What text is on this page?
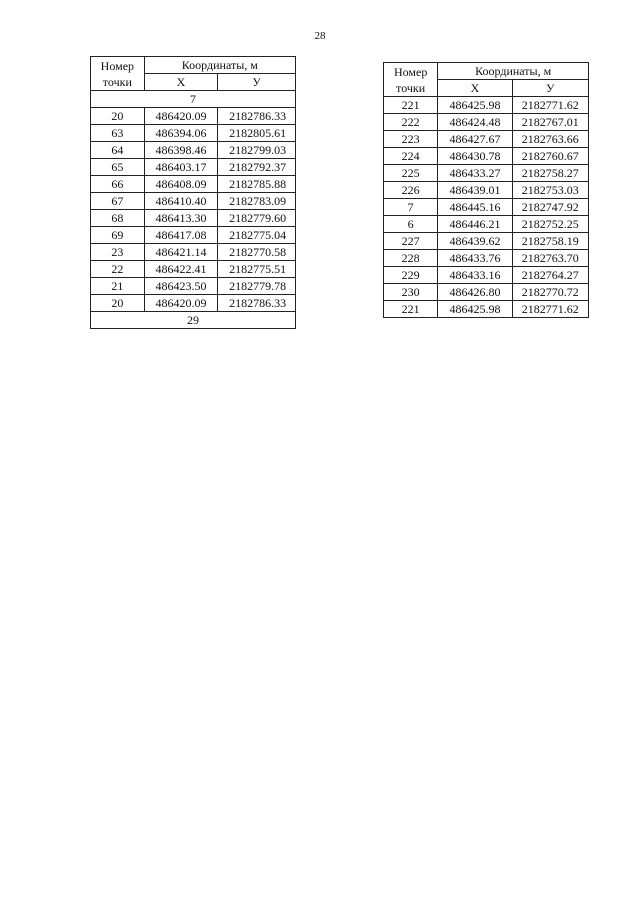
28
Номер
точки	Координаты, м	
	X	У
7		
20	486420.09	2182786.33
63	486394.06	2182805.61
64	486398.46	2182799.03
65	486403.17	2182792.37
66	486408.09	2182785.88
67	486410.40	2182783.09
68	486413.30	2182779.60
69	486417.08	2182775.04
23	486421.14	2182770.58
22	486422.41	2182775.51
21	486423.50	2182779.78
20	486420.09	2182786.33
29		
Номер
точки	Координаты, м	
	X	У
221	486425.98	2182771.62
222	486424.48	2182767.01
223	486427.67	2182763.66
224	486430.78	2182760.67
225	486433.27	2182758.27
226	486439.01	2182753.03
7	486445.16	2182747.92
6	486446.21	2182752.25
227	486439.62	2182758.19
228	486433.76	2182763.70
229	486433.16	2182764.27
230	486426.80	2182770.72
221	486425.98	2182771.62
